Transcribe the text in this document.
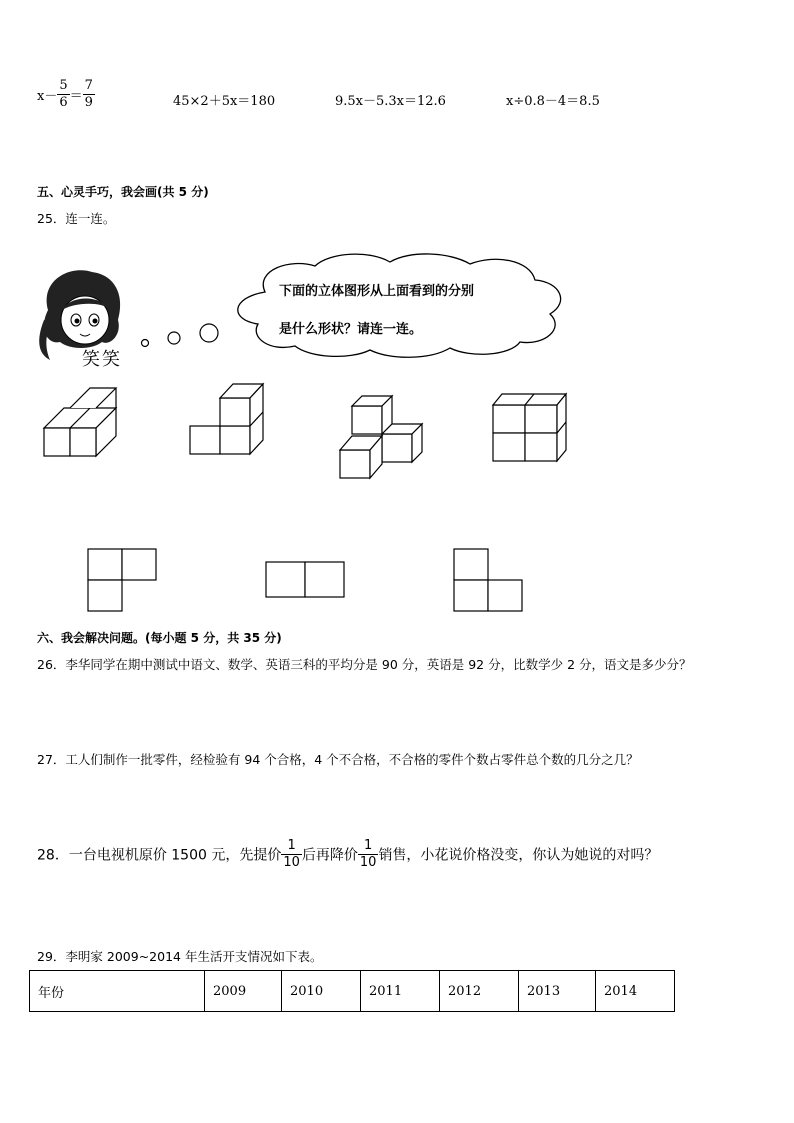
$x- \frac{5}{6} = \frac{7}{9}$	45×2＋5x＝180	9.5x－5.3x＝12.6	x÷0.8－4＝8.5
五、心灵手巧，我会画(共 5 分)
25．连一连。
下面的立体图形从上面看到的分别
是什么形状？请连一连。
笑笑
六、我会解决问题。(每小题 5 分，共 35 分)
26．李华同学在期中测试中语文、数学、英语三科的平均分是 90 分，英语是 92 分，比数学少 2 分，语文是多少分？
27．工人们制作一批零件，经检验有 94 个合格，4 个不合格，不合格的零件个数占零件总个数的几分之几？
28．一台电视机原价 1500 元，先提价 $\frac{1}{10}$ 后再降价 $\frac{1}{10}$ 销售，小花说价格没变，你认为她说的对吗？
29．李明家 2009~2014 年生活开支情况如下表。
年份	2009	2010	2011	2012	2013	2014
